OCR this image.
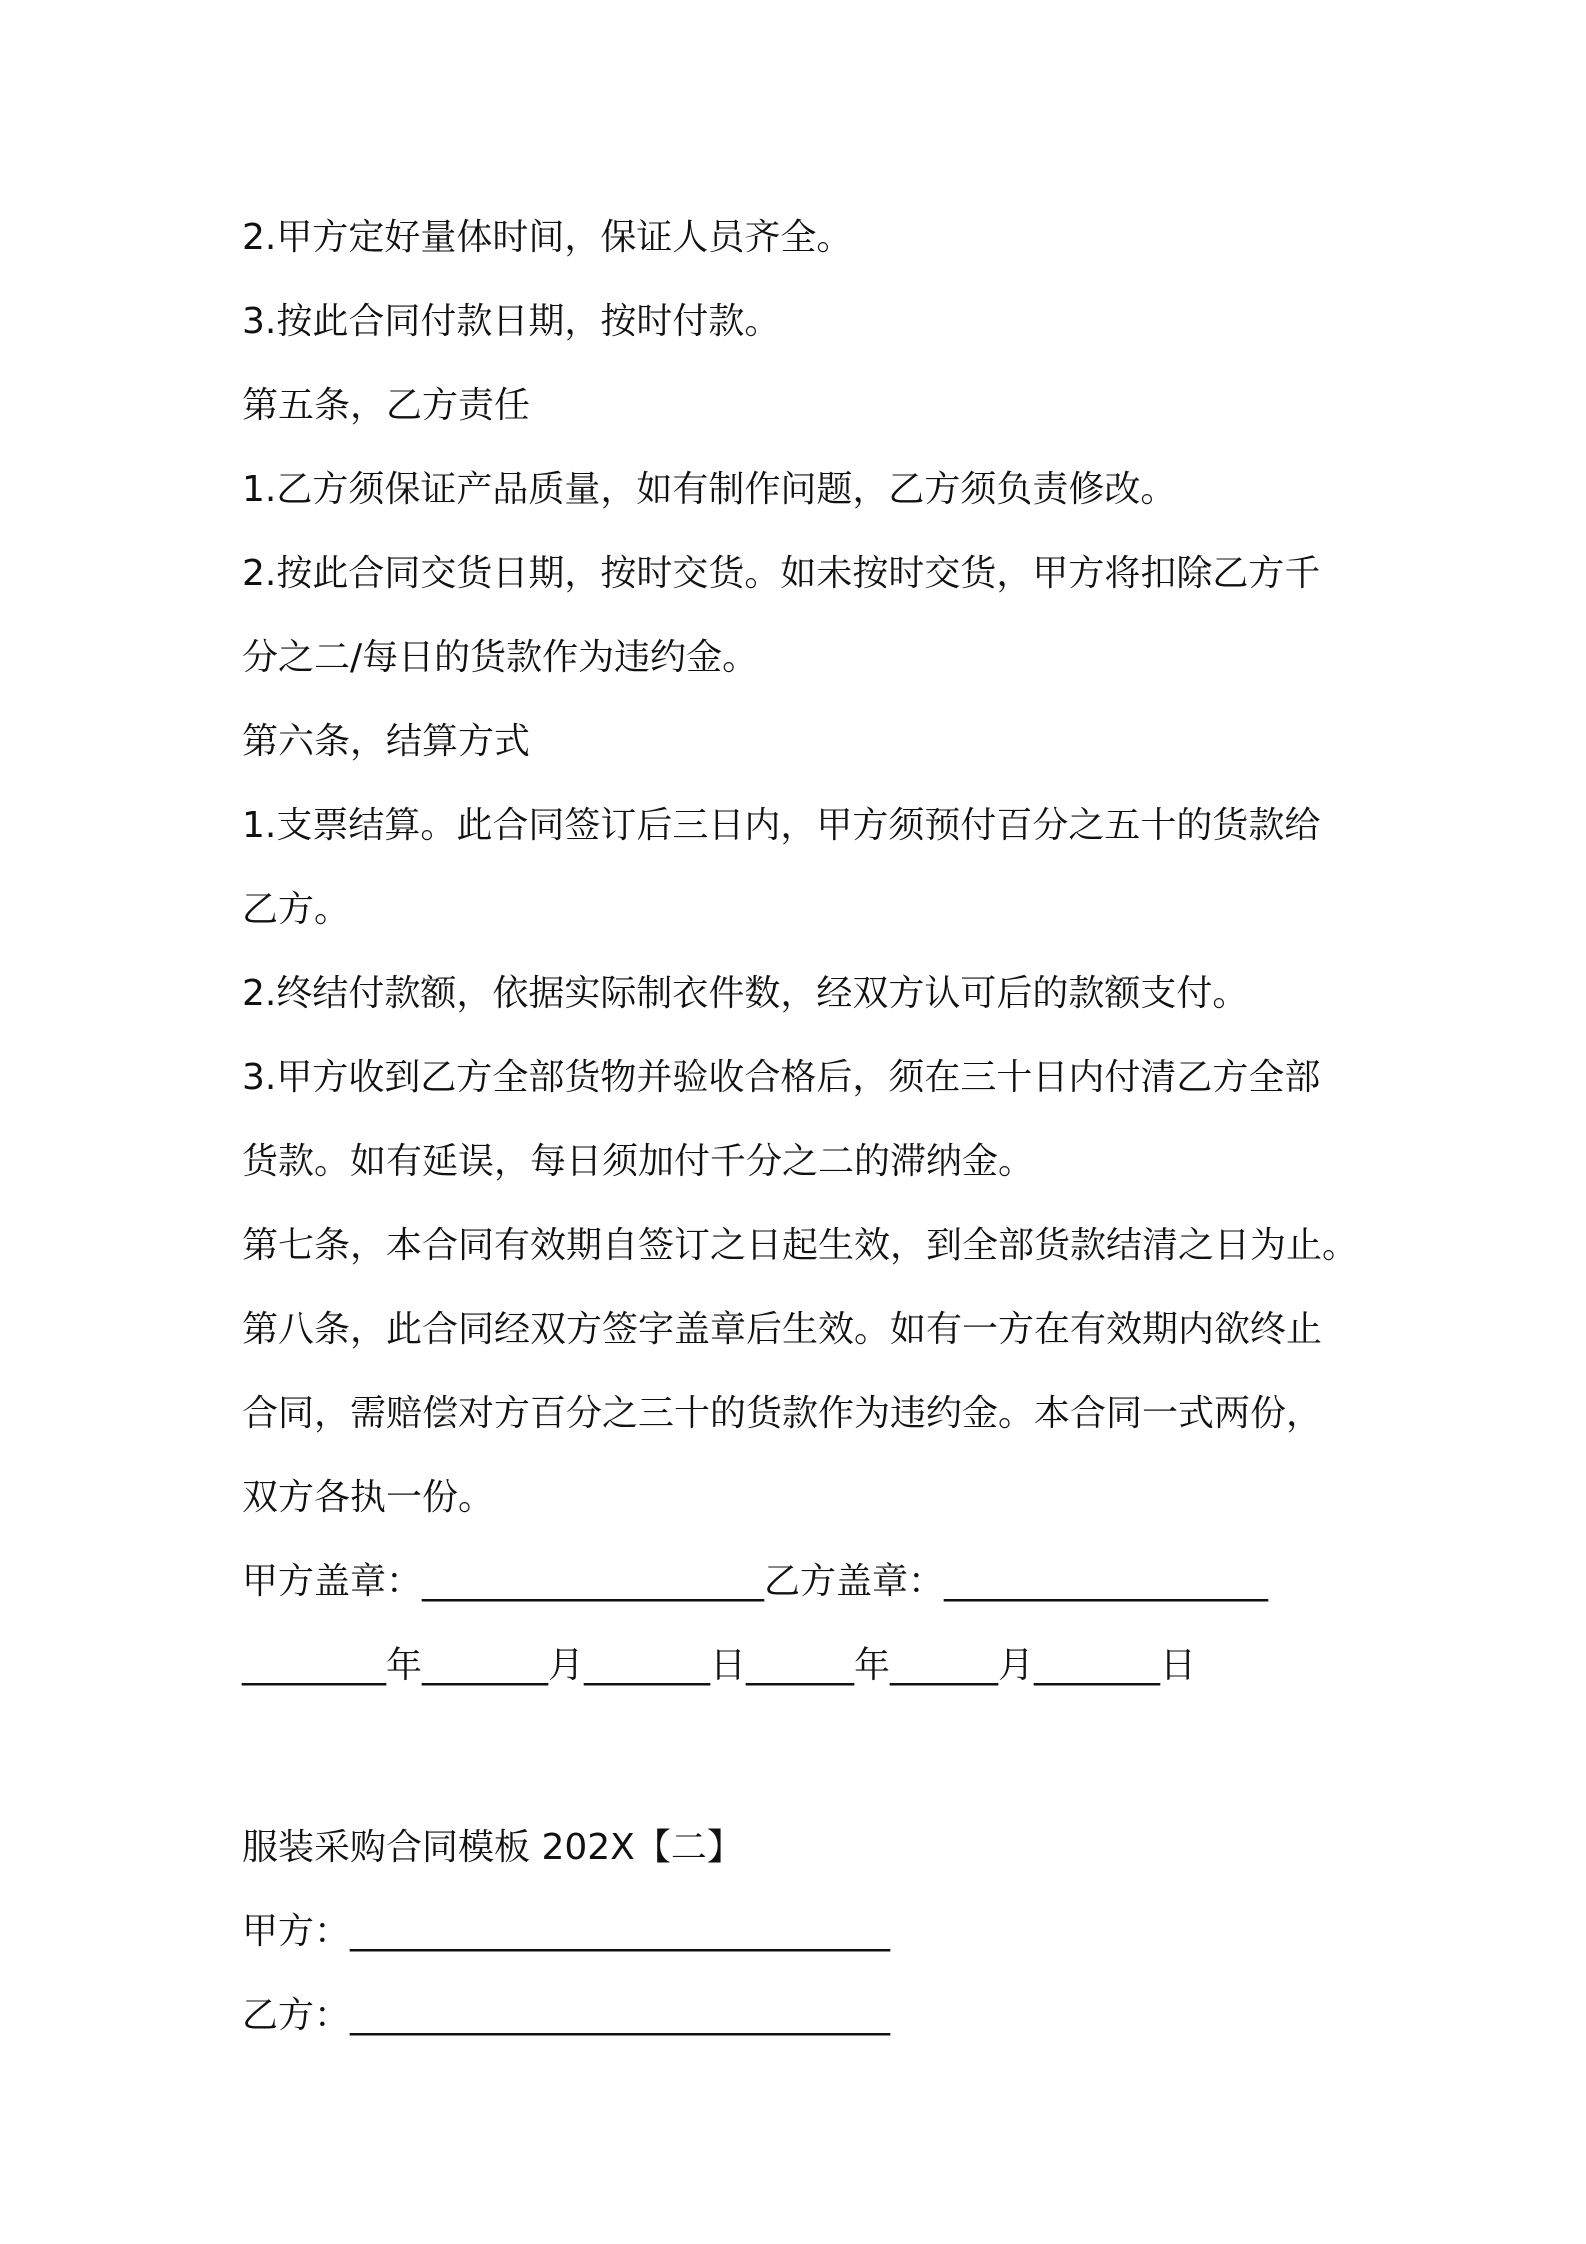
2.甲方定好量体时间，保证人员齐全。
3.按此合同付款日期，按时付款。
第五条，乙方责任
1.乙方须保证产品质量，如有制作问题，乙方须负责修改。
2.按此合同交货日期，按时交货。如未按时交货，甲方将扣除乙方千
分之二/每日的货款作为违约金。
第六条，结算方式
1.支票结算。此合同签订后三日内，甲方须预付百分之五十的货款给
乙方。
2.终结付款额，依据实际制衣件数，经双方认可后的款额支付。
3.甲方收到乙方全部货物并验收合格后，须在三十日内付清乙方全部
货款。如有延误，每日须加付千分之二的滞纳金。
第七条，本合同有效期自签订之日起生效，到全部货款结清之日为止。
第八条，此合同经双方签字盖章后生效。如有一方在有效期内欲终止
合同，需赔偿对方百分之三十的货款作为违约金。本合同一式两份，
双方各执一份。
甲方盖章：___________________乙方盖章：__________________
________年_______月_______日______年______月_______日
服装采购合同模板 202X【二】
甲方：______________________________
乙方：______________________________
